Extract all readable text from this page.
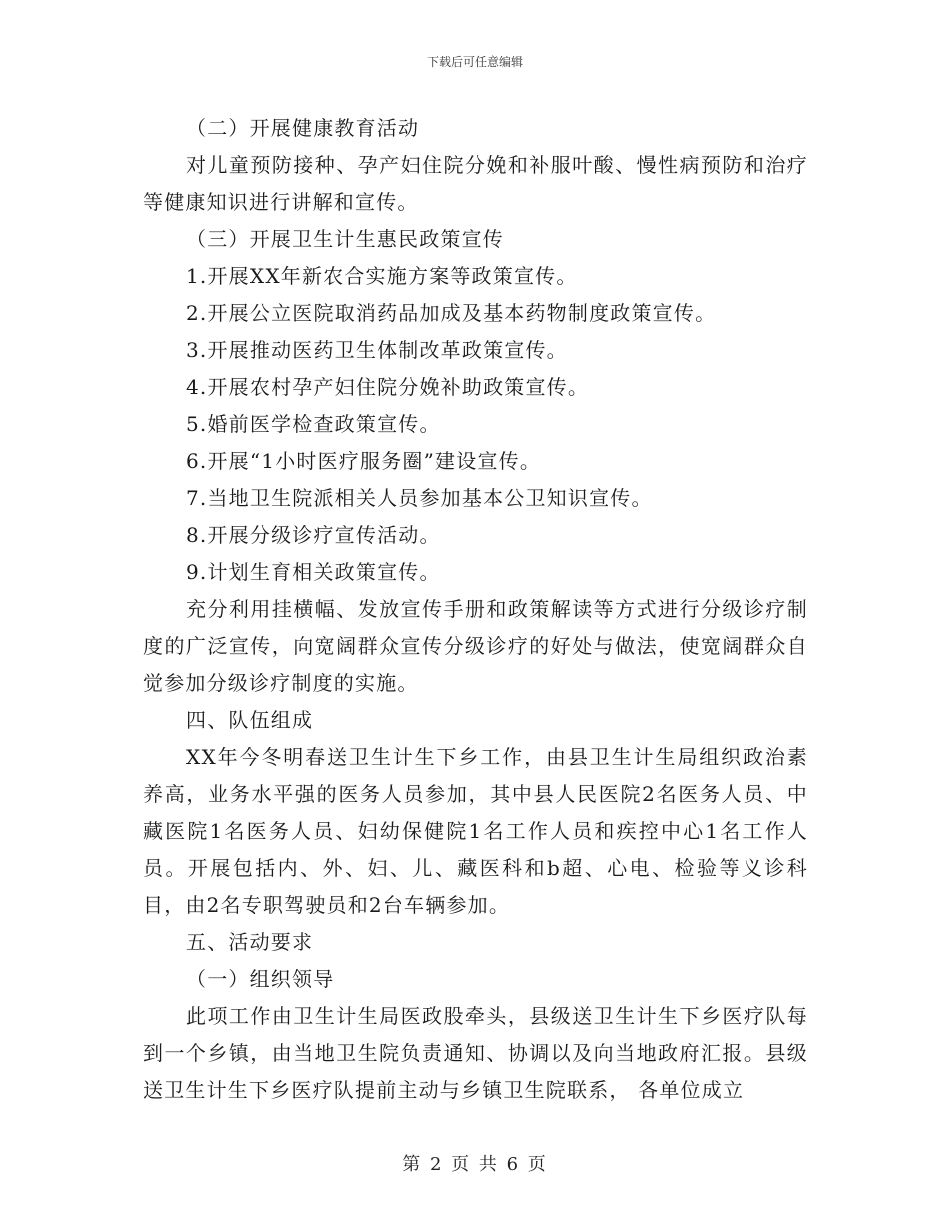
下载后可任意编辑

（二）开展健康教育活动

对儿童预防接种、孕产妇住院分娩和补服叶酸、慢性病预防和治疗等健康知识进行讲解和宣传。

（三）开展卫生计生惠民政策宣传

1.开展XX年新农合实施方案等政策宣传。

2.开展公立医院取消药品加成及基本药物制度政策宣传。

3.开展推动医药卫生体制改革政策宣传。

4.开展农村孕产妇住院分娩补助政策宣传。

5.婚前医学检查政策宣传。

6.开展“1小时医疗服务圈”建设宣传。

7.当地卫生院派相关人员参加基本公卫知识宣传。

8.开展分级诊疗宣传活动。

9.计划生育相关政策宣传。

充分利用挂横幅、发放宣传手册和政策解读等方式进行分级诊疗制度的广泛宣传，向宽阔群众宣传分级诊疗的好处与做法，使宽阔群众自觉参加分级诊疗制度的实施。

四、队伍组成

XX年今冬明春送卫生计生下乡工作，由县卫生计生局组织政治素养高，业务水平强的医务人员参加，其中县人民医院2名医务人员、中藏医院1名医务人员、妇幼保健院1名工作人员和疾控中心1名工作人员。开展包括内、外、妇、儿、藏医科和b超、心电、检验等义诊科目，由2名专职驾驶员和2台车辆参加。

五、活动要求

（一）组织领导

此项工作由卫生计生局医政股牵头，县级送卫生计生下乡医疗队每到一个乡镇，由当地卫生院负责通知、协调以及向当地政府汇报。县级送卫生计生下乡医疗队提前主动与乡镇卫生院联系， 各单位成立

第 2 页 共 6 页
